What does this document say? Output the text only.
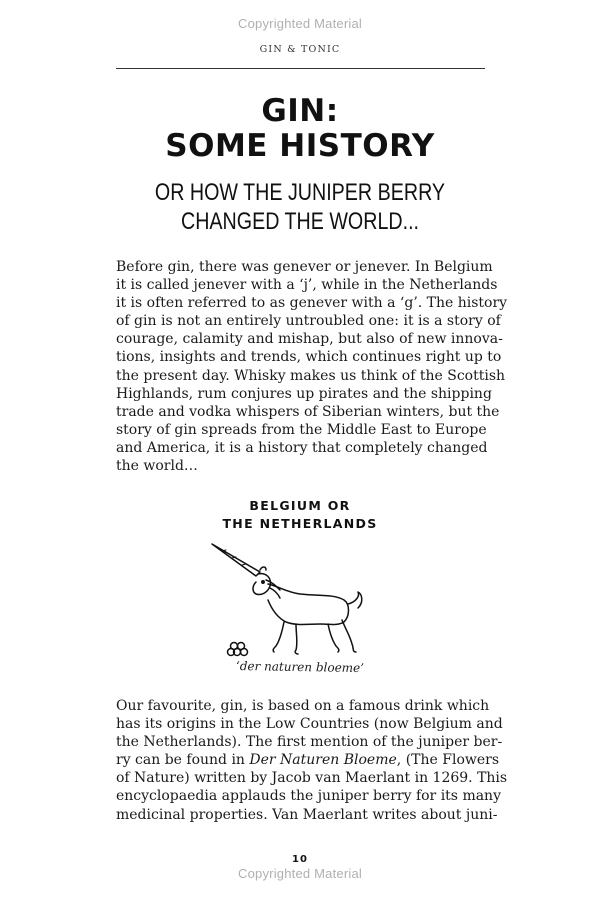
Copyrighted Material
GIN & TONIC
GIN:
SOME HISTORY
OR HOW THE JUNIPER BERRY
CHANGED THE WORLD...
Before gin, there was genever or jenever. In Belgium
it is called jenever with a ‘j’, while in the Netherlands
it is often referred to as genever with a ‘g’. The history
of gin is not an entirely untroubled one: it is a story of
courage, calamity and mishap, but also of new innova-
tions, insights and trends, which continues right up to
the present day. Whisky makes us think of the Scottish
Highlands, rum conjures up pirates and the shipping
trade and vodka whispers of Siberian winters, but the
story of gin spreads from the Middle East to Europe
and America, it is a history that completely changed
the world…
BELGIUM OR
THE NETHERLANDS
‘der naturen bloeme’
Our favourite, gin, is based on a famous drink which
has its origins in the Low Countries (now Belgium and
the Netherlands). The first mention of the juniper ber-
ry can be found in Der Naturen Bloeme, (The Flowers
of Nature) written by Jacob van Maerlant in 1269. This
encyclopaedia applauds the juniper berry for its many
medicinal properties. Van Maerlant writes about juni-
10
Copyrighted Material
